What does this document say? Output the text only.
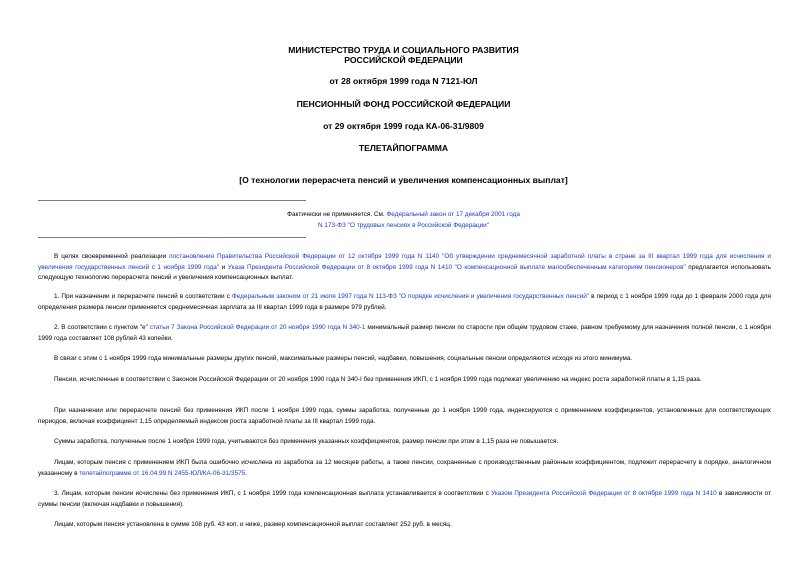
МИНИСТЕРСТВО ТРУДА И СОЦИАЛЬНОГО РАЗВИТИЯ
РОССИЙСКОЙ ФЕДЕРАЦИИ
от 28 октября 1999 года N 7121-ЮЛ
ПЕНСИОННЫЙ ФОНД РОССИЙСКОЙ ФЕДЕРАЦИИ
от 29 октября 1999 года КА-06-31/9809
ТЕЛЕТАЙПОГРАММА
[О технологии перерасчета пенсий и увеличения компенсационных выплат]
Фактически не применяется. См. Федеральный закон от 17 декабря 2001 года
N 173-ФЗ "О трудовых пенсиях в Российской Федерации"

В целях своевременной реализации постановления Правительства Российской Федерации от 12 октября 1999 года N 1140 "Об утверждении среднемесячной заработной платы в стране за III квартал 1999 года для исчисления и увеличения государственных пенсий с 1 ноября 1999 года" и Указа Президента Российской Федерации от 8 октября 1999 года N 1410 "О компенсационной выплате малообеспеченным категориям пенсионеров" предлагается использовать следующую технологию перерасчета пенсий и увеличения компенсационных выплат.

1. При назначении и перерасчете пенсий в соответствии с Федеральным законом от 21 июля 1997 года N 113-ФЗ "О порядке исчисления и увеличения государственных пенсий" в период с 1 ноября 1999 года до 1 февраля 2000 года для определения размера пенсии применяется среднемесячная зарплата за III квартал 1999 года в размере 979 рублей.

2. В соответствии с пунктом "е" статьи 7 Закона Российской Федерации от 20 ноября 1990 года N 340-1 минимальный размер пенсии по старости при общем трудовом стаже, равном требуемому для назначения полной пенсии, с 1 ноября 1999 года составляет 108 рублей 43 копейки.

В связи с этим с 1 ноября 1999 года минимальные размеры других пенсий, максимальные размеры пенсий, надбавки, повышения, социальные пенсии определяются исходя из этого минимума.

Пенсии, исчисленные в соответствии с Законом Российской Федерации от 20 ноября 1990 года N 340-I без применения ИКП, с 1 ноября 1999 года подлежат увеличению на индекс роста заработной платы в 1,15 раза.

При назначении или перерасчете пенсий без применения ИКП после 1 ноября 1999 года, суммы заработка, полученные до 1 ноября 1999 года, индексируются с применением коэффициентов, установленных для соответствующих периодов, включая коэффициент 1,15 определяемый индексом роста заработной платы за III квартал 1999 года.

Суммы заработка, полученные после 1 ноября 1999 года, учитываются без применения указанных коэффициентов, размер пенсии при этом в 1,15 раза не повышается.

Лицам, которым пенсия с применением ИКП была ошибочно исчислена из заработка за 12 месяцев работы, а также пенсии, сохраненные с производственным районным коэффициентом, подлежит перерасчету в порядке, аналогичном указанному в телетайпограмме от 16.04.99 N 2455-ЮЛ/КА-06-31/3575.

3. Лицам, которым пенсии исчислены без применения ИКП, с 1 ноября 1999 года компенсационная выплата устанавливается в соответствии с Указом Президента Российской Федерации от 8 октября 1999 года N 1410 в зависимости от суммы пенсии (включая надбавки и повышения).

Лицам, которым пенсия установлена в сумме 108 руб. 43 коп. и ниже, размер компенсационной выплат составляет 252 руб. в месяц.
